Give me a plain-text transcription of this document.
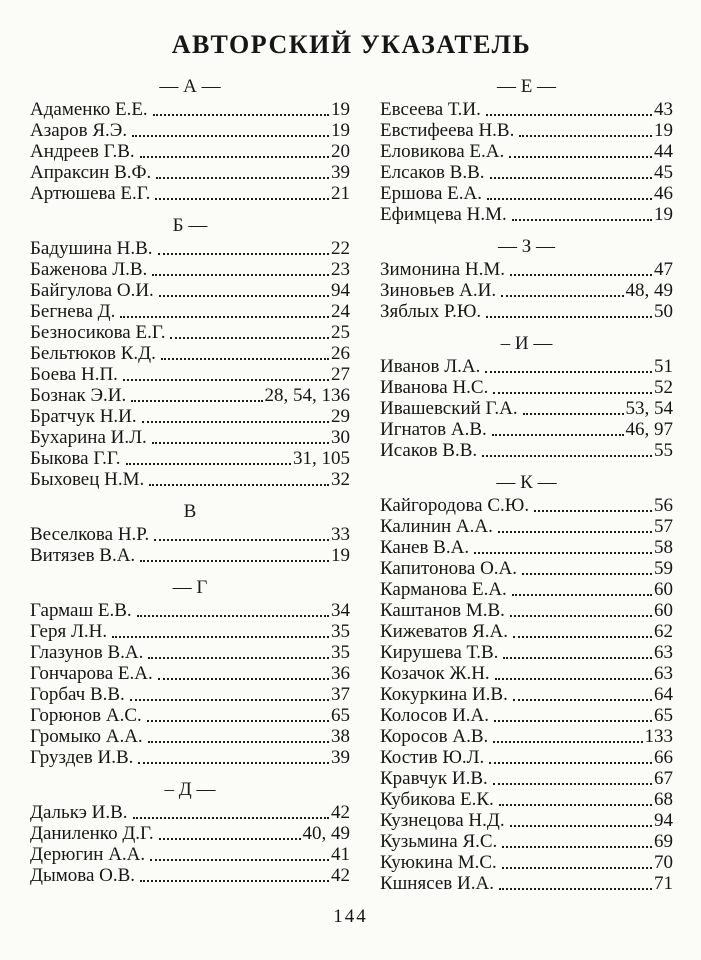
АВТОРСКИЙ УКАЗАТЕЛЬ
— А —
Адаменко Е.Е.	19
Азаров Я.Э.	19
Андреев Г.В.	20
Апраксин В.Ф.	39
Артюшева Е.Г.	21
Б —
Бадушина Н.В.	22
Баженова Л.В.	23
Байгулова О.И.	94
Бегнева Д.	24
Безносикова Е.Г.	25
Бельтюков К.Д.	26
Боева Н.П.	27
Бознак Э.И.	28, 54, 136
Братчук Н.И.	29
Бухарина И.Л.	30
Быкова Г.Г.	31, 105
Быховец Н.М.	32
В
Веселкова Н.Р.	33
Витязев В.А.	19
— Г
Гармаш Е.В.	34
Геря Л.Н.	35
Глазунов В.А.	35
Гончарова Е.А.	36
Горбач В.В.	37
Горюнов А.С.	65
Громыко А.А.	38
Груздев И.В.	39
– Д —
Далькэ И.В.	42
Даниленко Д.Г.	40, 49
Дерюгин А.А.	41
Дымова О.В.	42
— Е —
Евсеева Т.И.	43
Евстифеева Н.В.	19
Еловикова Е.А.	44
Елсаков В.В.	45
Ершова Е.А.	46
Ефимцева Н.М.	19
— З —
Зимонина Н.М.	47
Зиновьев А.И.	48, 49
Зяблых Р.Ю.	50
– И —
Иванов Л.А.	51
Иванова Н.С.	52
Ивашевский Г.А.	53, 54
Игнатов А.В.	46, 97
Исаков В.В.	55
— К —
Кайгородова С.Ю.	56
Калинин А.А.	57
Канев В.А.	58
Капитонова О.А.	59
Карманова Е.А.	60
Каштанов М.В.	60
Кижеватов Я.А.	62
Кирушева Т.В.	63
Козачок Ж.Н.	63
Кокуркина И.В.	64
Колосов И.А.	65
Коросов А.В.	133
Костив Ю.Л.	66
Кравчук И.В.	67
Кубикова Е.К.	68
Кузнецова Н.Д.	94
Кузьмина Я.С.	69
Куюкина М.С.	70
Кшнясев И.А.	71
144
